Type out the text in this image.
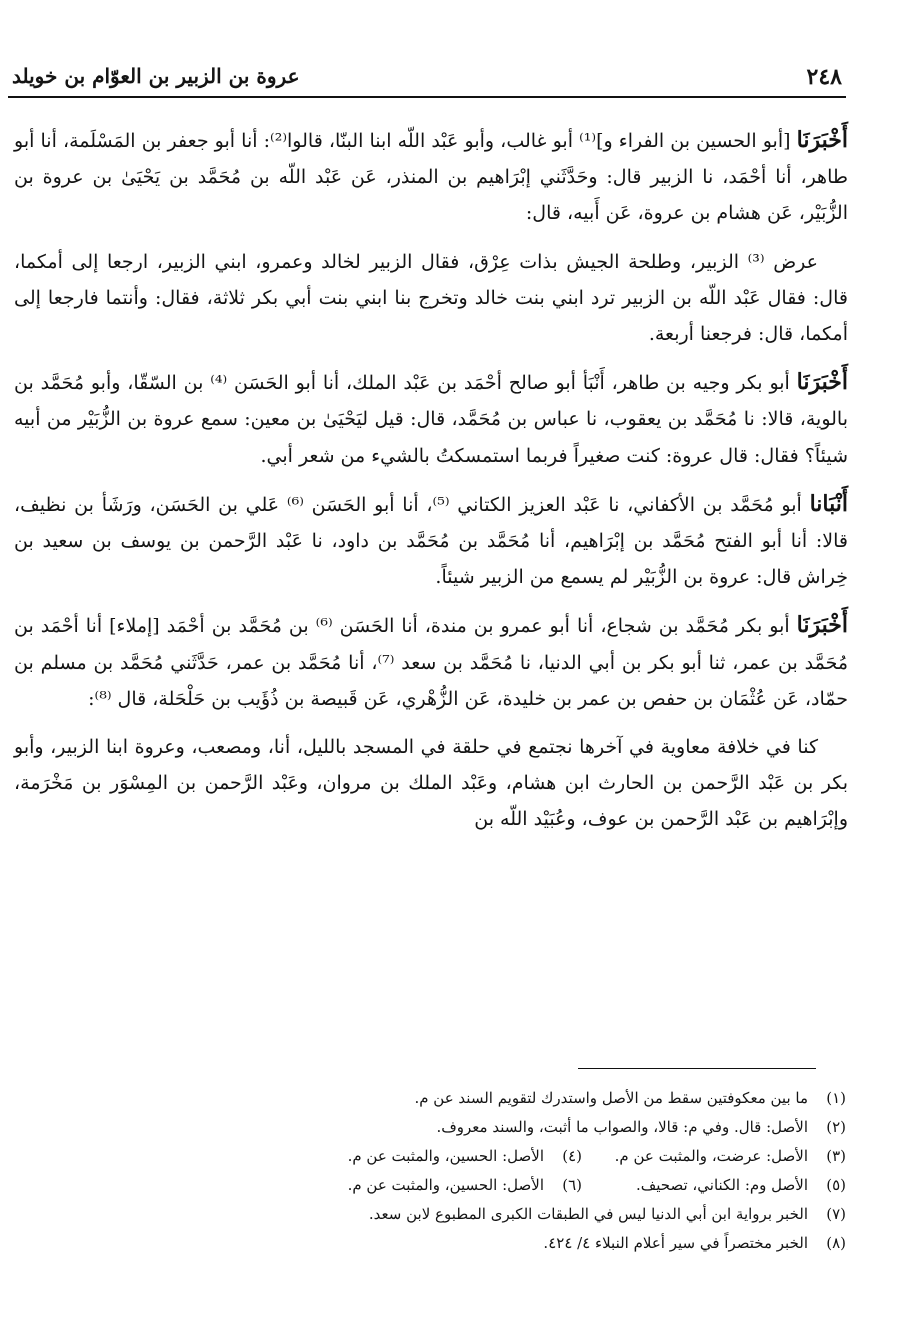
٢٤٨
عروة بن الزبير بن العوّام بن خويلد

أَخْبَرَنَا [أبو الحسين بن الفراء و]⁽¹⁾ أبو غالب، وأبو عَبْد اللّه ابنا البنّا، قالوا⁽²⁾: أنا أبو جعفر بن المَسْلَمة، أنا أبو طاهر، أنا أحْمَد، نا الزبير قال: وحَدَّثَني إبْرَاهيم بن المنذر، عَن عَبْد اللّه بن مُحَمَّد بن يَحْيَىٰ بن عروة بن الزُّبَيْر، عَن هشام بن عروة، عَن أَبيه، قال:

عرض ⁽³⁾ الزبير، وطلحة الجيش بذات عِرْق، فقال الزبير لخالد وعمرو، ابني الزبير، ارجعا إلى أمكما، قال: فقال عَبْد اللّه بن الزبير ترد ابني بنت خالد وتخرج بنا ابني بنت أبي بكر ثلاثة، فقال: وأنتما فارجعا إلى أمكما، قال: فرجعنا أربعة.

أَخْبَرَنَا أبو بكر وجيه بن طاهر، أَنْبَأ أبو صالح أحْمَد بن عَبْد الملك، أنا أبو الحَسَن ⁽⁴⁾ بن السّقّا، وأبو مُحَمَّد بن بالوية، قالا: نا مُحَمَّد بن يعقوب، نا عباس بن مُحَمَّد، قال: قيل ليَحْيَىٰ بن معين: سمع عروة بن الزُّبَيْر من أبيه شيئاً؟ فقال: قال عروة: كنت صغيراً فربما استمسكتُ بالشيء من شعر أبي.

أَنْبَانا أبو مُحَمَّد بن الأكفاني، نا عَبْد العزيز الكتاني ⁽⁵⁾، أنا أبو الحَسَن ⁽⁶⁾ عَلي بن الحَسَن، ورَشَأ بن نظيف، قالا: أنا أبو الفتح مُحَمَّد بن إبْرَاهيم، أنا مُحَمَّد بن مُحَمَّد بن داود، نا عَبْد الرَّحمن بن يوسف بن سعيد بن خِراش قال: عروة بن الزُّبَيْر لم يسمع من الزبير شيئاً.

أَخْبَرَنَا أبو بكر مُحَمَّد بن شجاع، أنا أبو عمرو بن مندة، أنا الحَسَن ⁽⁶⁾ بن مُحَمَّد بن أحْمَد [إملاء] أنا أحْمَد بن مُحَمَّد بن عمر، ثنا أبو بكر بن أبي الدنيا، نا مُحَمَّد بن سعد ⁽⁷⁾، أنا مُحَمَّد بن عمر، حَدَّثَني مُحَمَّد بن مسلم بن حمّاد، عَن عُثْمَان بن حفص بن عمر بن خليدة، عَن الزُّهْري، عَن قَبيصة بن ذُؤَيب بن حَلْحَلة، قال ⁽⁸⁾:

كنا في خلافة معاوية في آخرها نجتمع في حلقة في المسجد بالليل، أنا، ومصعب، وعروة ابنا الزبير، وأبو بكر بن عَبْد الرَّحمن بن الحارث ابن هشام، وعَبْد الملك بن مروان، وعَبْد الرَّحمن بن المِسْوَر بن مَخْرَمة، وإبْرَاهيم بن عَبْد الرَّحمن بن عوف، وعُبَيْد اللّه بن

(١)
ما بين معكوفتين سقط من الأصل واستدرك لتقويم السند عن م.
(٢)
الأصل: قال. وفي م: قالا، والصواب ما أثبت، والسند معروف.
(٣)
الأصل: عرضت، والمثبت عن م.
(٤)
الأصل: الحسين، والمثبت عن م.
(٥)
الأصل وم: الكناني، تصحيف.
(٦)
الأصل: الحسين، والمثبت عن م.
(٧)
الخبر برواية ابن أبي الدنيا ليس في الطبقات الكبرى المطبوع لابن سعد.
(٨)
الخبر مختصراً في سير أعلام النبلاء ٤/ ٤٢٤.
